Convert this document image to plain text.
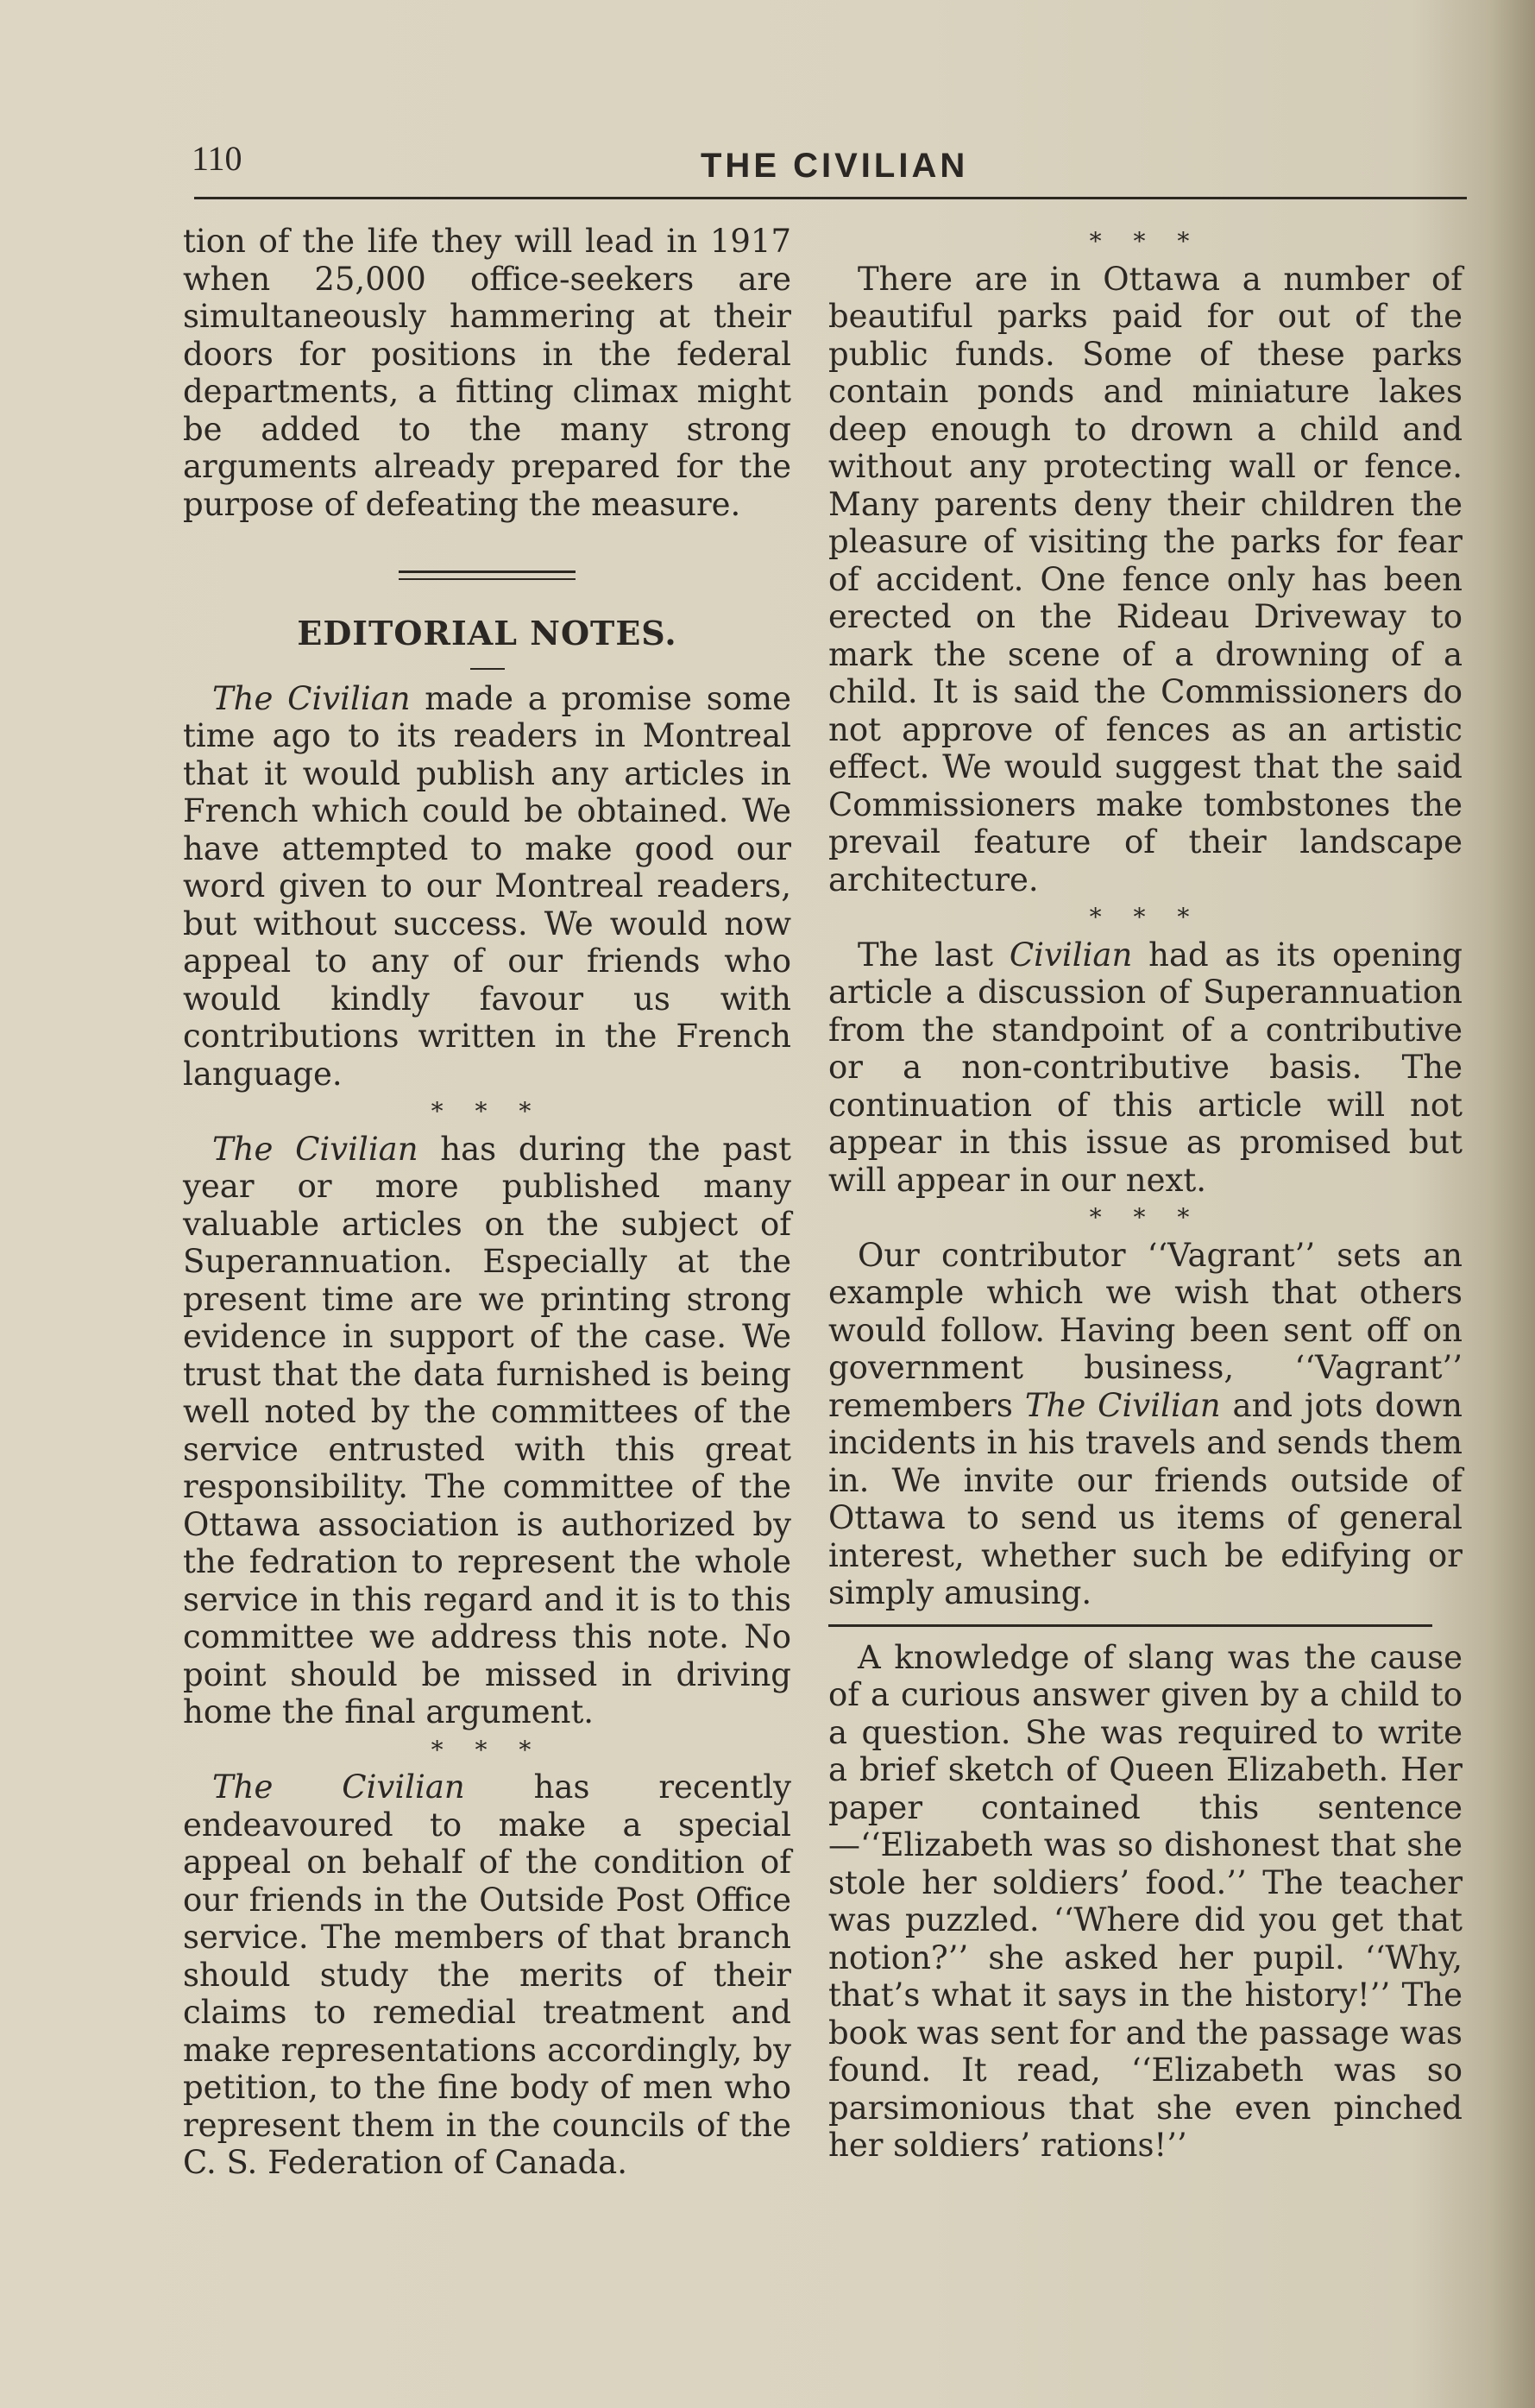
110	THE CIVILIAN

tion of the life they will lead in 1917 when 25,000 office-seekers are simultaneously hammering at their doors for positions in the federal departments, a fitting climax might be added to the many strong arguments already prepared for the purpose of defeating the measure.

EDITORIAL NOTES.

The Civilian made a promise some time ago to its readers in Montreal that it would publish any articles in French which could be obtained. We have attempted to make good our word given to our Montreal readers, but without success. We would now appeal to any of our friends who would kindly favour us with contributions written in the French language.

* * *

The Civilian has during the past year or more published many valuable articles on the subject of Superannuation. Especially at the present time are we printing strong evidence in support of the case. We trust that the data furnished is being well noted by the committees of the service entrusted with this great responsibility. The committee of the Ottawa association is authorized by the fedration to represent the whole service in this regard and it is to this committee we address this note. No point should be missed in driving home the final argument.

* * *

The Civilian has recently endeavoured to make a special appeal on behalf of the condition of our friends in the Outside Post Office service. The members of that branch should study the merits of their claims to remedial treatment and make representations accordingly, by petition, to the fine body of men who represent them in the councils of the C. S. Federation of Canada.

* * *

There are in Ottawa a number of beautiful parks paid for out of the public funds. Some of these parks contain ponds and miniature lakes deep enough to drown a child and without any protecting wall or fence. Many parents deny their children the pleasure of visiting the parks for fear of accident. One fence only has been erected on the Rideau Driveway to mark the scene of a drowning of a child. It is said the Commissioners do not approve of fences as an artistic effect. We would suggest that the said Commissioners make tombstones the prevail feature of their landscape architecture.

* * *

The last Civilian had as its opening article a discussion of Superannuation from the standpoint of a contributive or a non-contributive basis. The continuation of this article will not appear in this issue as promised but will appear in our next.

* * *

Our contributor ‘‘Vagrant’’ sets an example which we wish that others would follow. Having been sent off on government business, ‘‘Vagrant’’ remembers The Civilian and jots down incidents in his travels and sends them in. We invite our friends outside of Ottawa to send us items of general interest, whether such be edifying or simply amusing.

A knowledge of slang was the cause of a curious answer given by a child to a question. She was required to write a brief sketch of Queen Elizabeth. Her paper contained this sentence—‘‘Elizabeth was so dishonest that she stole her soldiers’ food.’’ The teacher was puzzled. ‘‘Where did you get that notion?’’ she asked her pupil. ‘‘Why, that’s what it says in the history!’’ The book was sent for and the passage was found. It read, ‘‘Elizabeth was so parsimonious that she even pinched her soldiers’ rations!’’
